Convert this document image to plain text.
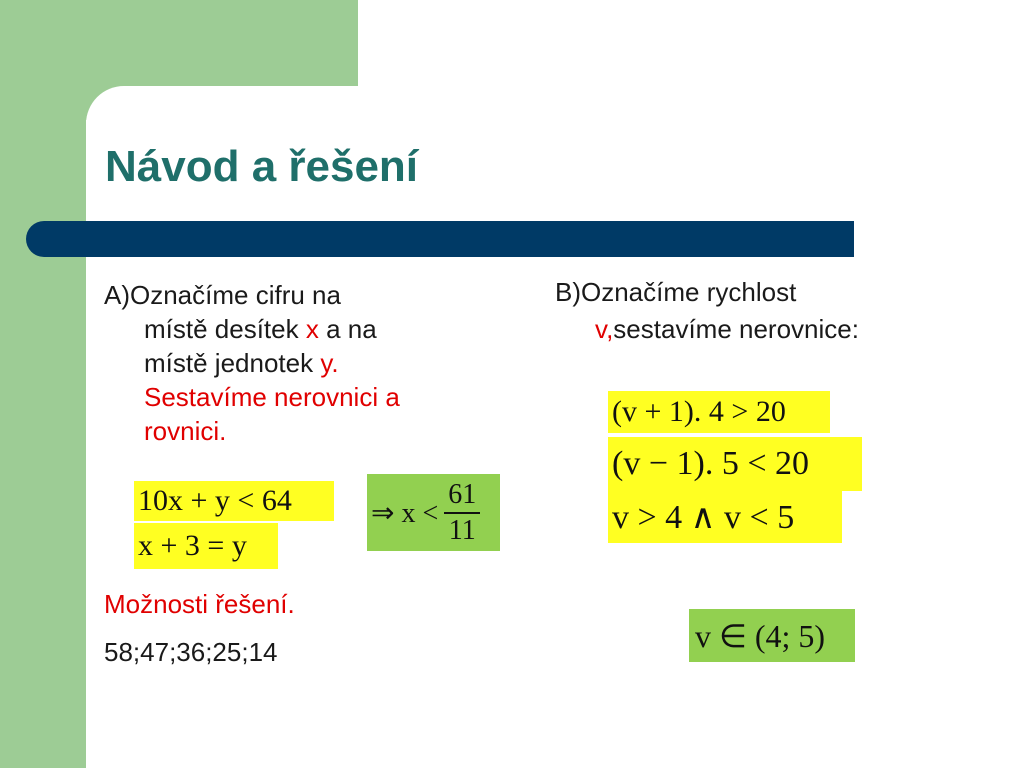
Návod a řešení
A)Označíme cifru na
místě desítek x a na
místě jednotek y.
Sestavíme nerovnici a
rovnici.
B)Označíme rychlost
v,sestavíme nerovnice:
10x + y < 64
x + 3 = y
⇒ $x < \frac{61}{11}$
(v + 1). 4 > 20
(v − 1). 5 < 20
v > 4 ∧ v < 5
v ∈ (4; 5)
Možnosti řešení.
58;47;36;25;14
